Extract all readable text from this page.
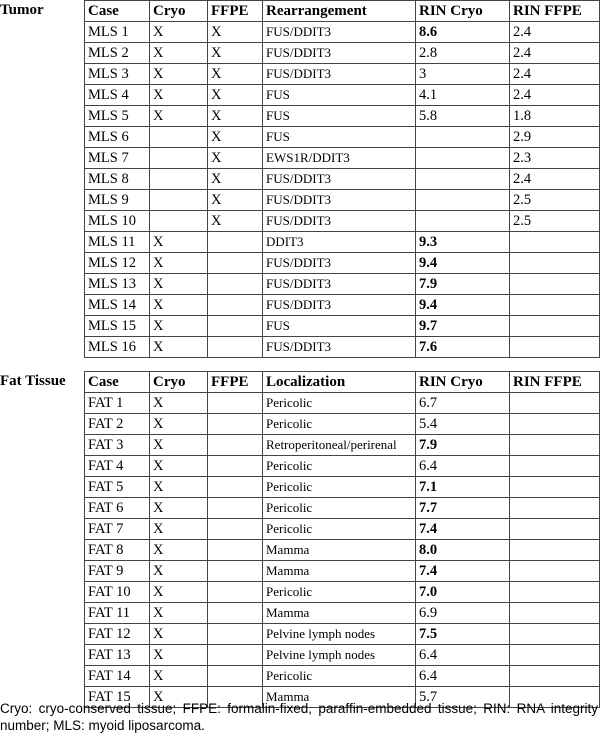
Tumor	Case	Cryo	FFPE	Rearrangement	RIN Cryo	RIN FFPE
MLS 1	X	X	FUS/DDIT3	8.6	2.4
MLS 2	X	X	FUS/DDIT3	2.8	2.4
MLS 3	X	X	FUS/DDIT3	3	2.4
MLS 4	X	X	FUS	4.1	2.4
MLS 5	X	X	FUS	5.8	1.8
MLS 6		X	FUS		2.9
MLS 7		X	EWS1R/DDIT3		2.3
MLS 8		X	FUS/DDIT3		2.4
MLS 9		X	FUS/DDIT3		2.5
MLS 10		X	FUS/DDIT3		2.5
MLS 11	X		DDIT3	9.3	
MLS 12	X		FUS/DDIT3	9.4	
MLS 13	X		FUS/DDIT3	7.9	
MLS 14	X		FUS/DDIT3	9.4	
MLS 15	X		FUS	9.7	
MLS 16	X		FUS/DDIT3	7.6	
Fat Tissue Case	Cryo	FFPE	Localization	RIN Cryo	RIN FFPE
FAT 1	X		Pericolic	6.7	
FAT 2	X		Pericolic	5.4	
FAT 3	X		Retroperitoneal/perirenal	7.9	
FAT 4	X		Pericolic	6.4	
FAT 5	X		Pericolic	7.1	
FAT 6	X		Pericolic	7.7	
FAT 7	X		Pericolic	7.4	
FAT 8	X		Mamma	8.0	
FAT 9	X		Mamma	7.4	
FAT 10	X		Pericolic	7.0	
FAT 11	X		Mamma	6.9	
FAT 12	X		Pelvine lymph nodes	7.5	
FAT 13	X		Pelvine lymph nodes	6.4	
FAT 14	X		Pericolic	6.4	
FAT 15	X		Mamma	5.7	
Cryo: cryo-conserved tissue; FFPE: formalin-fixed, paraffin-embedded tissue; RIN: RNA integrity number; MLS: myoid liposarcoma.
